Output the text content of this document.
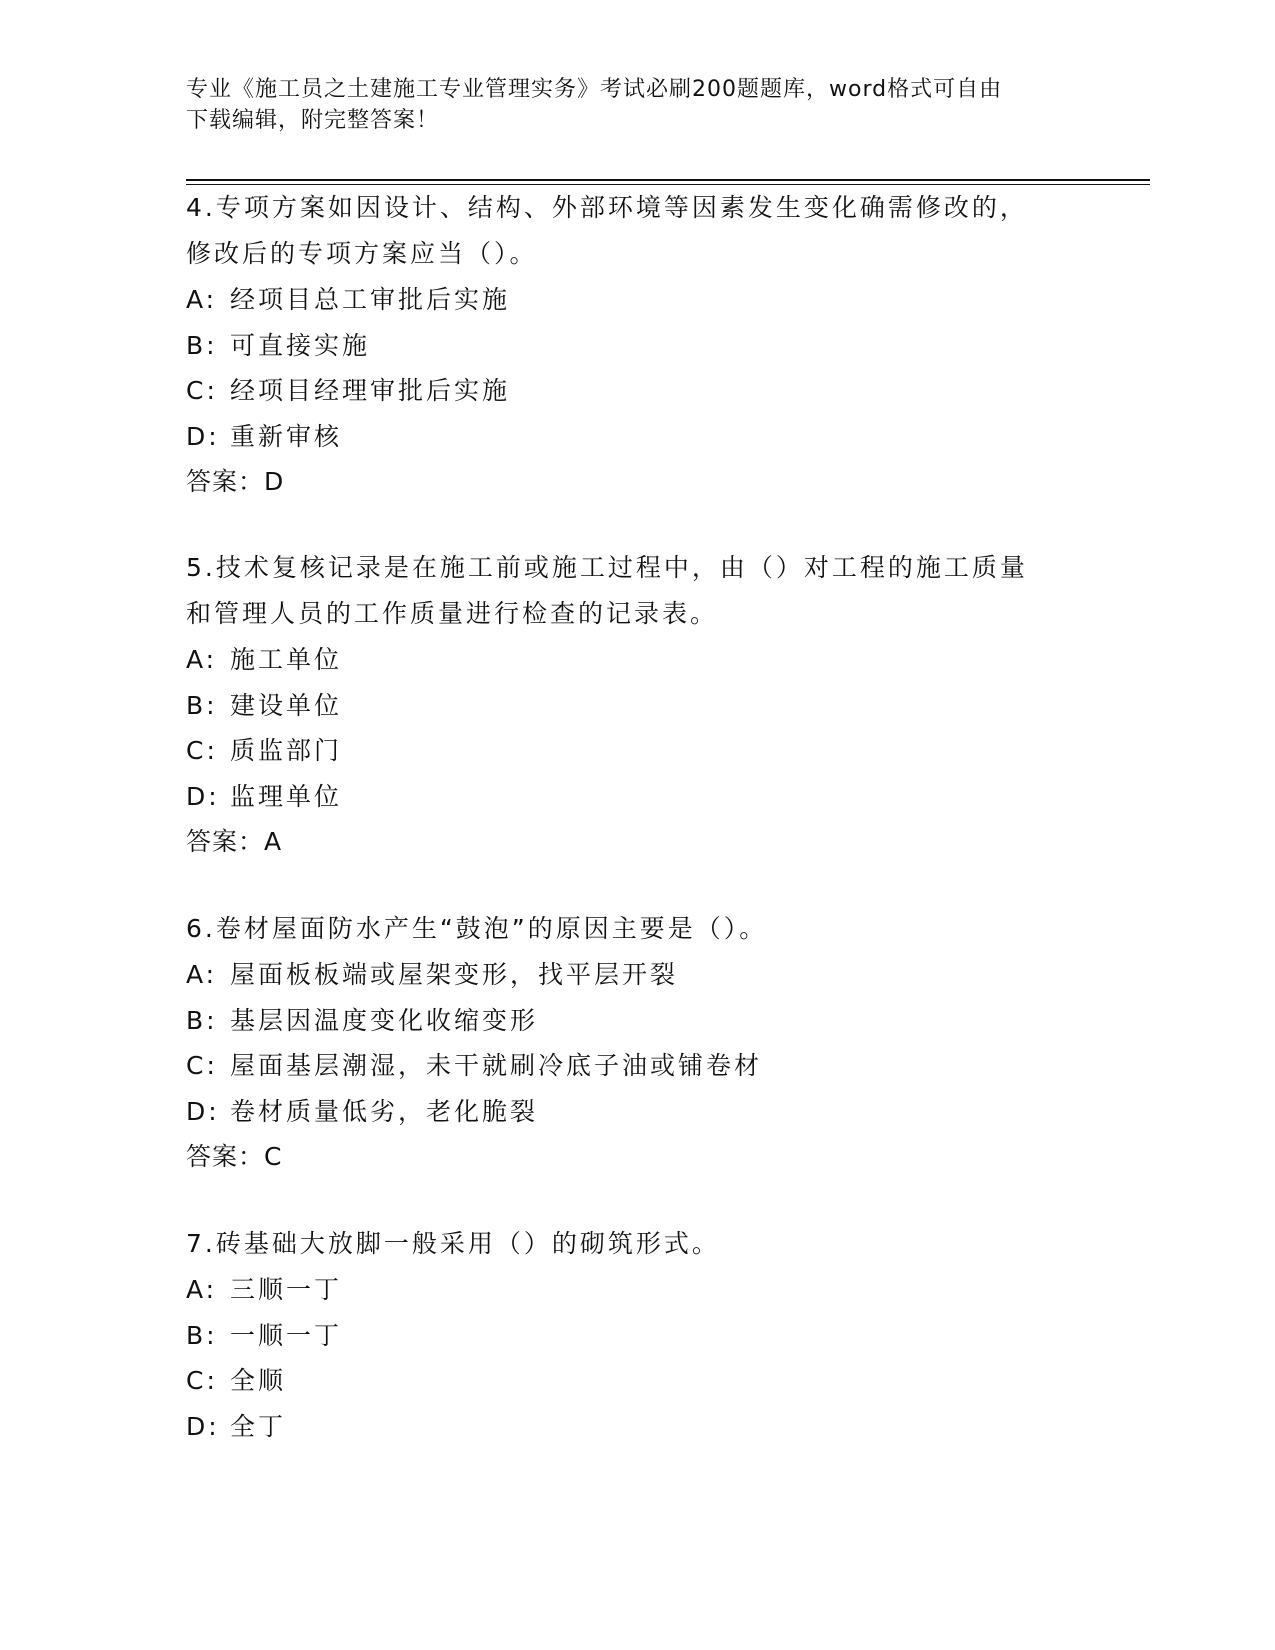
专业《施工员之土建施工专业管理实务》考试必刷200题题库，word格式可自由
下载编辑，附完整答案！
4.专项方案如因设计、结构、外部环境等因素发生变化确需修改的，
修改后的专项方案应当（）。
A: 经项目总工审批后实施
B: 可直接实施
C: 经项目经理审批后实施
D: 重新审核
答案：D
5.技术复核记录是在施工前或施工过程中，由（）对工程的施工质量
和管理人员的工作质量进行检查的记录表。
A: 施工单位
B: 建设单位
C: 质监部门
D: 监理单位
答案：A
6.卷材屋面防水产生“鼓泡”的原因主要是（）。
A: 屋面板板端或屋架变形，找平层开裂
B: 基层因温度变化收缩变形
C: 屋面基层潮湿，未干就刷冷底子油或铺卷材
D: 卷材质量低劣，老化脆裂
答案：C
7.砖基础大放脚一般采用（）的砌筑形式。
A: 三顺一丁
B: 一顺一丁
C: 全顺
D: 全丁
